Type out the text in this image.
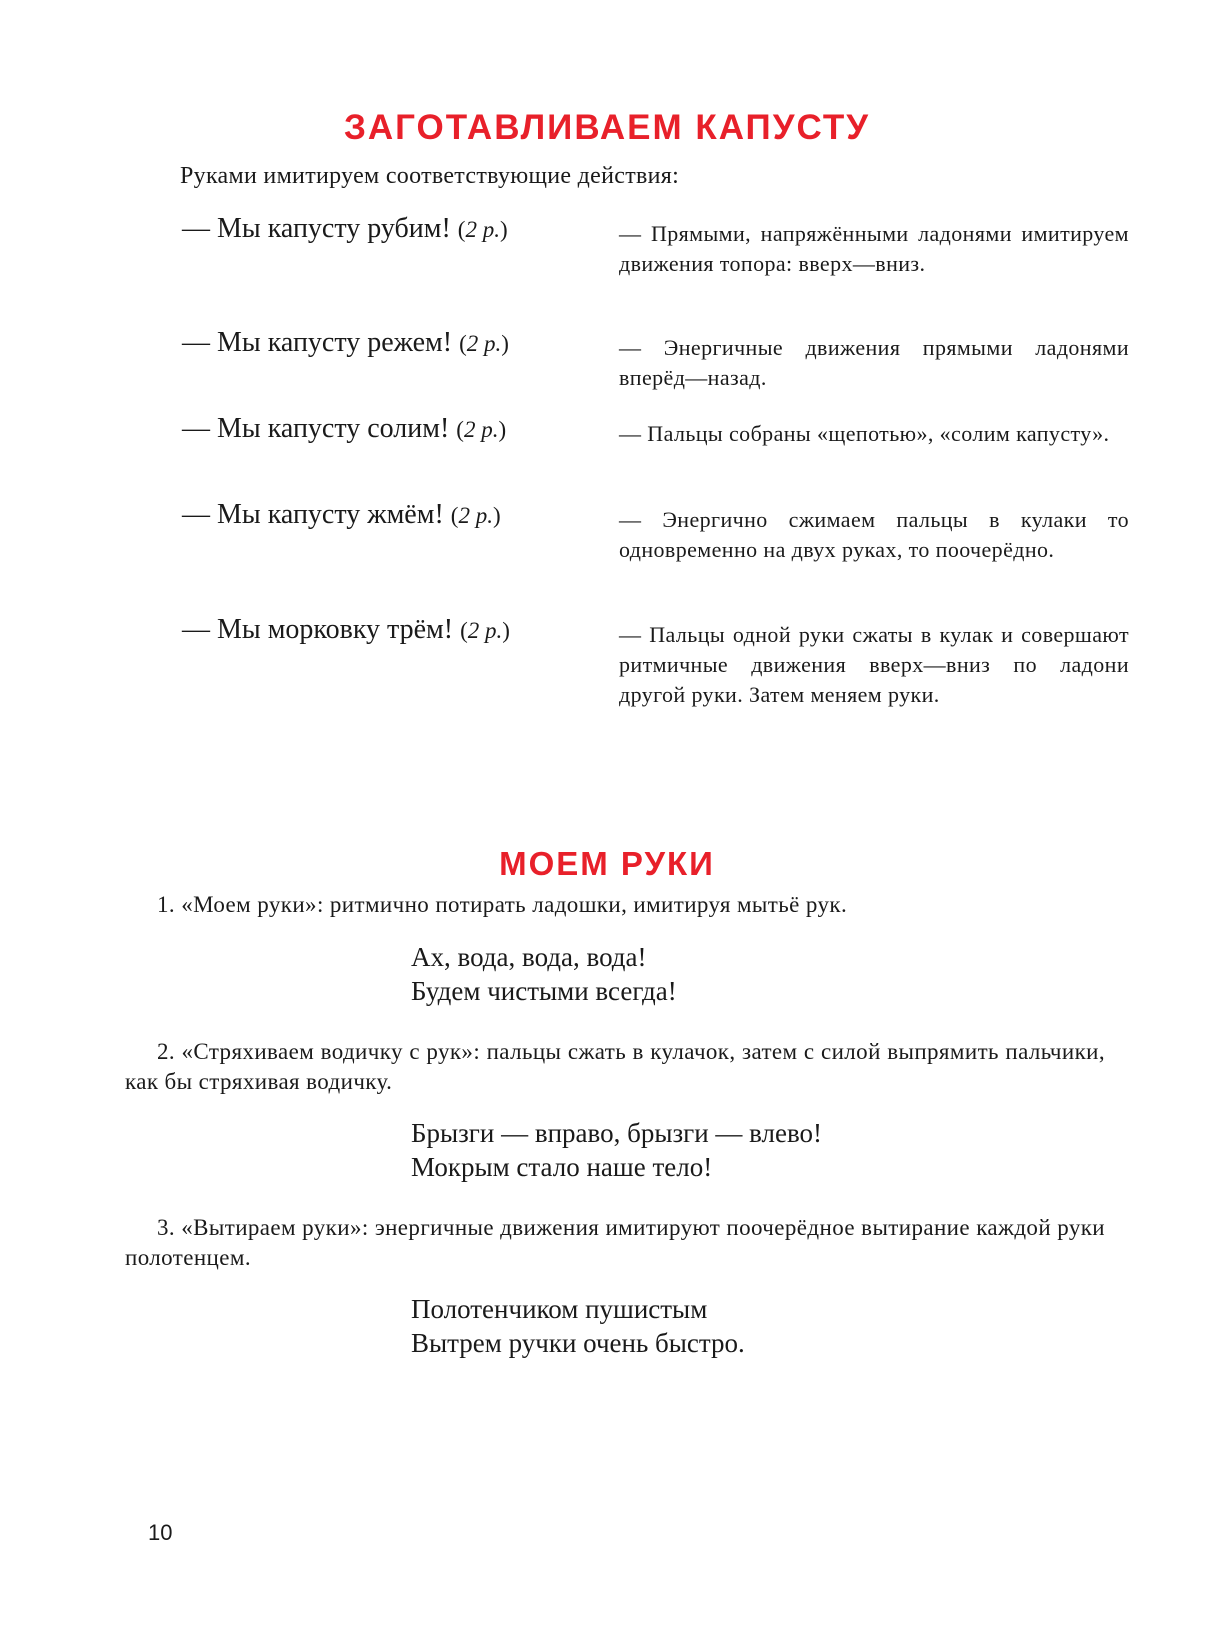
ЗАГОТАВЛИВАЕМ КАПУСТУ
Руками имитируем соответствующие действия:
— Мы капусту рубим! (2 р.)	— Прямыми, напряжёнными ладонями имитируем движения топора: вверх—вниз.
— Мы капусту режем! (2 р.)	— Энергичные движения прямыми ладонями вперёд—назад.
— Мы капусту солим! (2 р.)	— Пальцы собраны «щепотью», «солим капусту».
— Мы капусту жмём! (2 р.)	— Энергично сжимаем пальцы в кулаки то одновременно на двух руках, то поочерёдно.
— Мы морковку трём! (2 р.)	— Пальцы одной руки сжаты в кулак и совершают ритмичные движения вверх—вниз по ладони другой руки. Затем меняем руки.
МОЕМ РУКИ
1. «Моем руки»: ритмично потирать ладошки, имитируя мытьё рук.
Ах, вода, вода, вода!
Будем чистыми всегда!
2. «Стряхиваем водичку с рук»: пальцы сжать в кулачок, затем с силой выпрямить пальчики, как бы стряхивая водичку.
Брызги — вправо, брызги — влево!
Мокрым стало наше тело!
3. «Вытираем руки»: энергичные движения имитируют поочерёдное вытирание каждой руки полотенцем.
Полотенчиком пушистым
Вытрем ручки очень быстро.
10
